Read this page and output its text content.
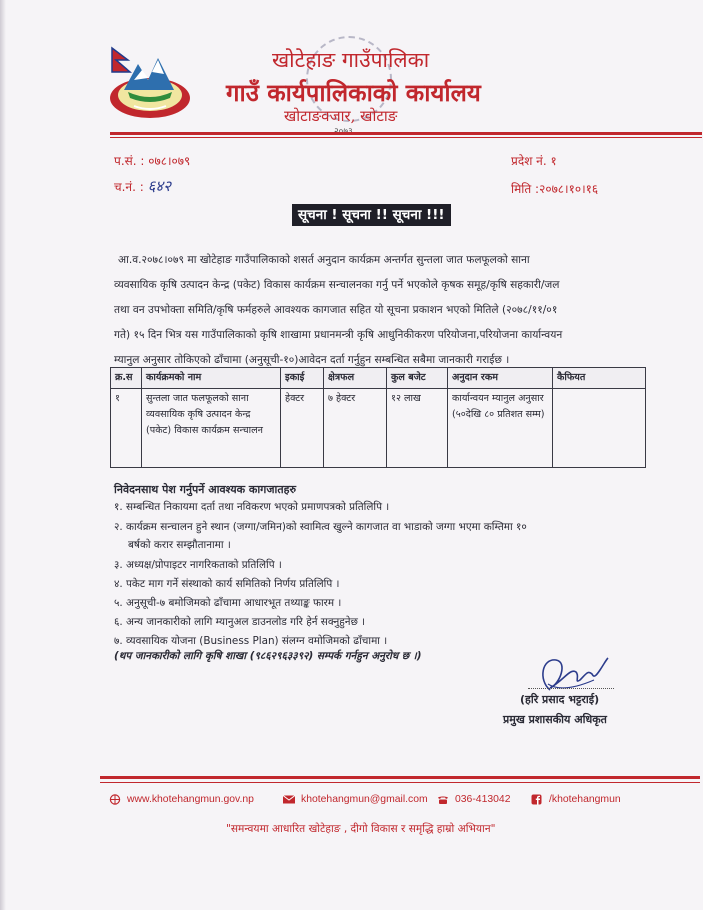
खोटेहाङ गाउँपालिका
गाउँ कार्यपालिकाको कार्यालय
खोटाङवजार, खोटाङ
प.सं. : ०७८।०७९
च.नं. : ६४२
प्रदेश नं. १
मिति :२०७८।१०।१६
सूचना ! सूचना !! सूचना !!!
आ.व.२०७८।०७९ मा खोटेहाङ गाउँपालिकाको शसर्त अनुदान कार्यक्रम अन्तर्गत सुन्तला जात फलफूलको साना
व्यवसायिक कृषि उत्पादन केन्द्र (पकेट) विकास कार्यक्रम सन्चालनका गर्नु पर्ने भएकोले कृषक समूह/कृषि सहकारी/जल
तथा वन उपभोक्ता समिति/कृषि फर्महरुले आवश्यक कागजात सहित यो सूचना प्रकाशन भएको मितिले (२०७८/११/०१
गते) १५ दिन भित्र यस गाउँपालिकाको कृषि शाखामा प्रधानमन्त्री कृषि आधुनिकीकरण परियोजना,परियोजना कार्यान्वयन
म्यानुल अनुसार तोकिएको ढाँचामा (अनुसूची-१०)आवेदन दर्ता गर्नुहुन सम्बन्धित सबैमा जानकारी गराईछ ।
क्र.स	कार्यक्रमको नाम	इकाई	क्षेत्रफल	कुल बजेट	अनुदान रकम	कैफियत
१	सुन्तला जात फलफूलको साना व्यवसायिक कृषि उत्पादन केन्द्र (पकेट) विकास कार्यक्रम सन्चालन	हेक्टर	७ हेक्टर	१२ लाख	कार्यान्वयन म्यानुल अनुसार (५०देखि ८० प्रतिशत सम्म)	
निवेदनसाथ पेश गर्नुपर्ने आवश्यक कागजातहरु
१. सम्बन्धित निकायमा दर्ता तथा नविकरण भएको प्रमाणपत्रको प्रतिलिपि ।
२. कार्यक्रम सन्चालन हुने स्थान (जग्गा/जमिन)को स्वामित्व खुल्ने कागजात वा भाडाको जग्गा भएमा कम्तिमा १०
बर्षको करार सम्झौतानामा ।
३. अध्यक्ष/प्रोपाइटर नागरिकताको प्रतिलिपि ।
४. पकेट माग गर्ने संस्थाको कार्य समितिको निर्णय प्रतिलिपि ।
५. अनुसूची-७ बमोजिमको ढाँचामा आधारभूत तथ्याङ्क फारम ।
६. अन्य जानकारीको लागि म्यानुअल डाउनलोड गरि हेर्न सक्नुहुनेछ ।
७. व्यवसायिक योजना (Business Plan) संलग्न वमोजिमको ढाँचामा ।
(थप जानकारीको लागि कृषि शाखा (९८६२९६३३९२) सम्पर्क गर्नहुन अनुरोध छ ।)
(हरि प्रसाद भट्टराई)
प्रमुख प्रशासकीय अधिकृत
www.khotehangmun.gov.np	khotehangmun@gmail.com	036-413042	/khotehangmun
"समन्वयमा आधारित खोटेहाङ , दीगो विकास र समृद्धि हाम्रो अभियान"
